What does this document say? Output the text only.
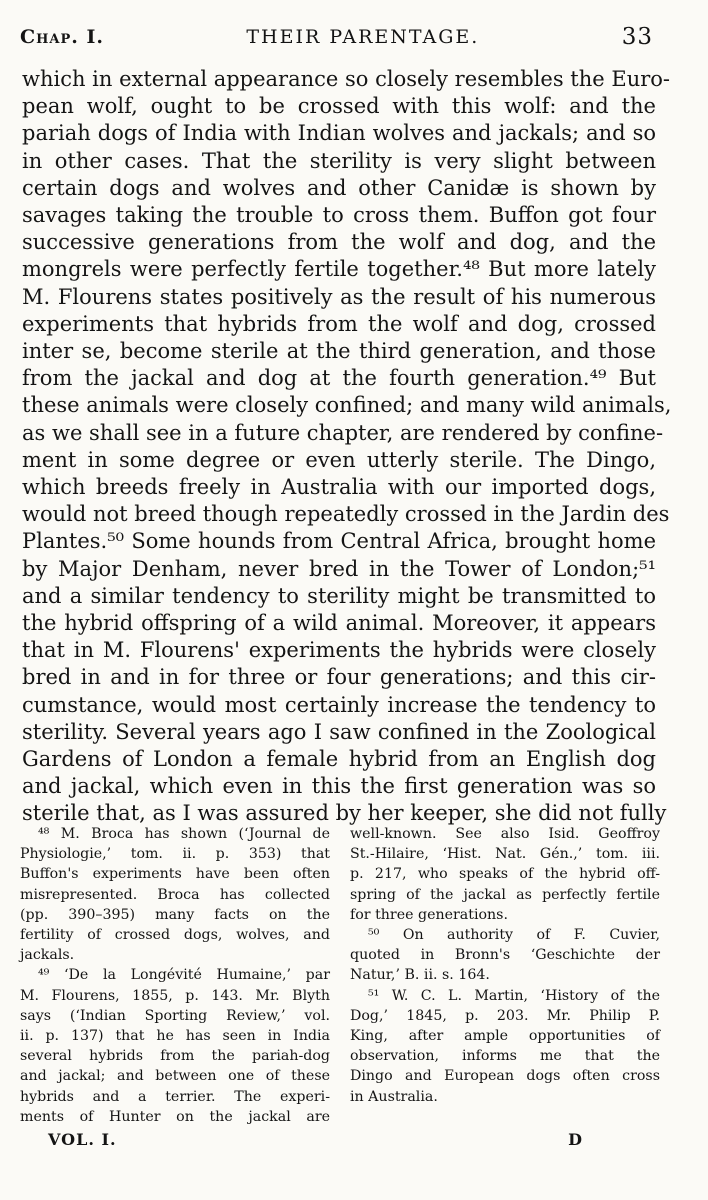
Chap. I.	THEIR PARENTAGE.	33
which in external appearance so closely resembles the Euro-
pean wolf, ought to be crossed with this wolf: and the
pariah dogs of India with Indian wolves and jackals; and so
in other cases. That the sterility is very slight between
certain dogs and wolves and other Canidæ is shown by
savages taking the trouble to cross them. Buffon got four
successive generations from the wolf and dog, and the
mongrels were perfectly fertile together.⁴⁸ But more lately
M. Flourens states positively as the result of his numerous
experiments that hybrids from the wolf and dog, crossed
inter se, become sterile at the third generation, and those
from the jackal and dog at the fourth generation.⁴⁹ But
these animals were closely confined; and many wild animals,
as we shall see in a future chapter, are rendered by confine-
ment in some degree or even utterly sterile. The Dingo,
which breeds freely in Australia with our imported dogs,
would not breed though repeatedly crossed in the Jardin des
Plantes.⁵⁰ Some hounds from Central Africa, brought home
by Major Denham, never bred in the Tower of London;⁵¹
and a similar tendency to sterility might be transmitted to
the hybrid offspring of a wild animal. Moreover, it appears
that in M. Flourens' experiments the hybrids were closely
bred in and in for three or four generations; and this cir-
cumstance, would most certainly increase the tendency to
sterility. Several years ago I saw confined in the Zoological
Gardens of London a female hybrid from an English dog
and jackal, which even in this the first generation was so
sterile that, as I was assured by her keeper, she did not fully
⁴⁸ M. Broca has shown (‘Journal de
Physiologie,’ tom. ii. p. 353) that
Buffon's experiments have been often
misrepresented. Broca has collected
(pp. 390–395) many facts on the
fertility of crossed dogs, wolves, and
jackals.
⁴⁹ ‘De la Longévité Humaine,’ par
M. Flourens, 1855, p. 143. Mr. Blyth
says (‘Indian Sporting Review,’ vol.
ii. p. 137) that he has seen in India
several hybrids from the pariah-dog
and jackal; and between one of these
hybrids and a terrier. The experi-
ments of Hunter on the jackal are
well-known. See also Isid. Geoffroy
St.-Hilaire, ‘Hist. Nat. Gén.,’ tom. iii.
p. 217, who speaks of the hybrid off-
spring of the jackal as perfectly fertile
for three generations.
⁵⁰ On authority of F. Cuvier,
quoted in Bronn's ‘Geschichte der
Natur,’ B. ii. s. 164.
⁵¹ W. C. L. Martin, ‘History of the
Dog,’ 1845, p. 203. Mr. Philip P.
King, after ample opportunities of
observation, informs me that the
Dingo and European dogs often cross
in Australia.
VOL. I.	D
